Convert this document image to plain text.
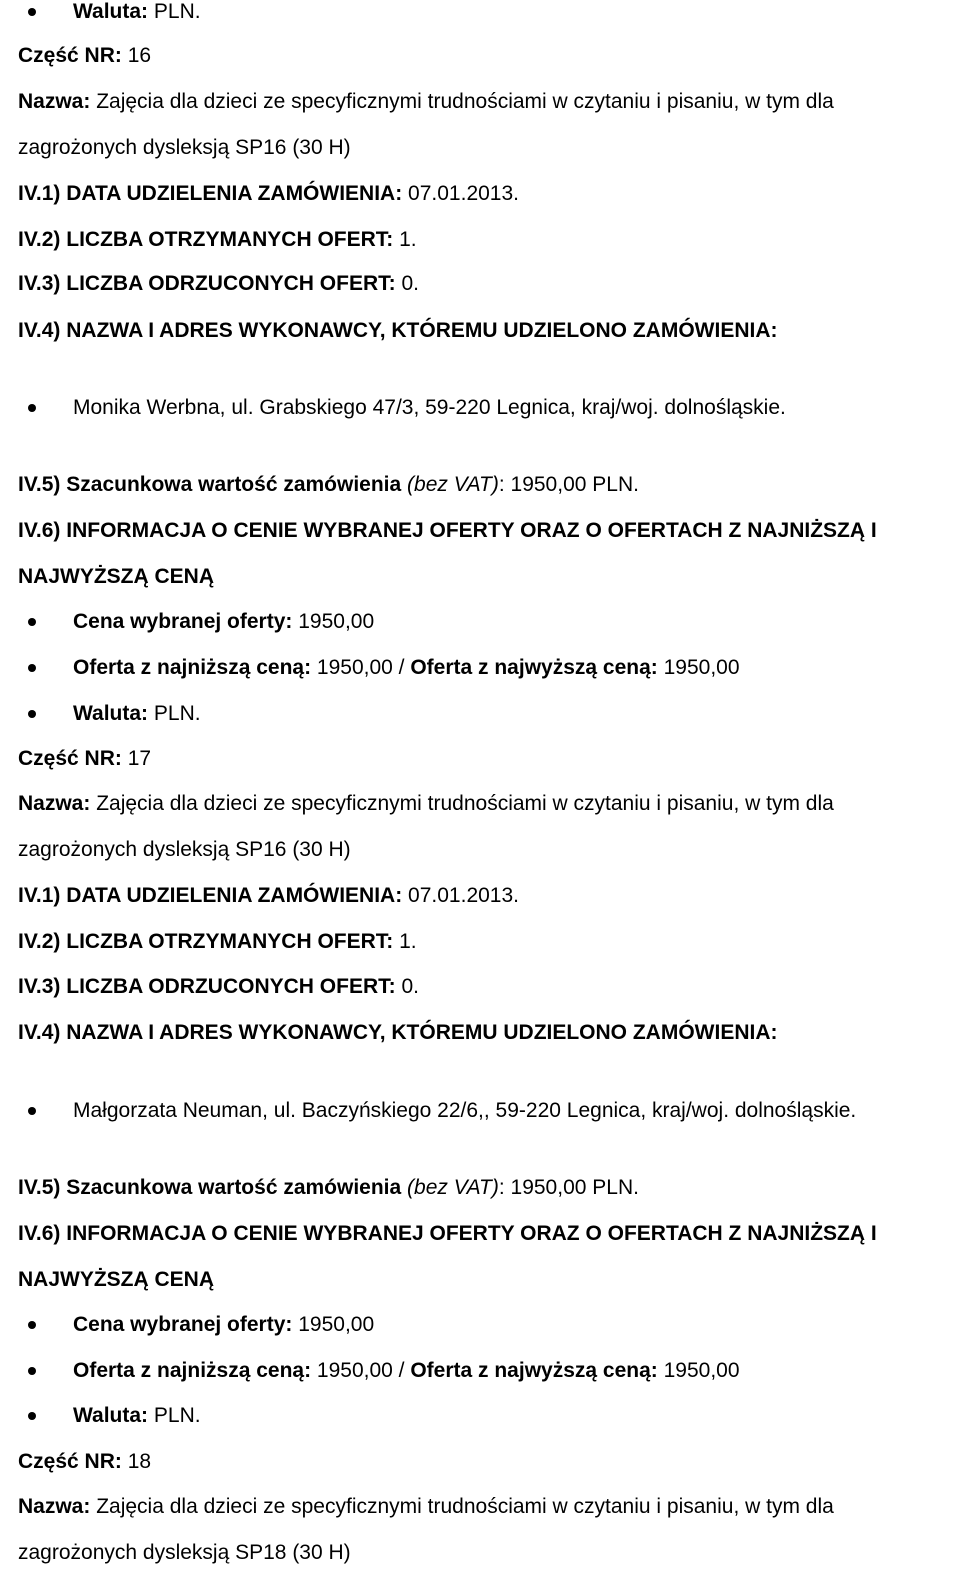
Waluta: PLN.
Część NR: 16
Nazwa: Zajęcia dla dzieci ze specyficznymi trudnościami w czytaniu i pisaniu, w tym dla
zagrożonych dysleksją SP16 (30 H)
IV.1) DATA UDZIELENIA ZAMÓWIENIA: 07.01.2013.
IV.2) LICZBA OTRZYMANYCH OFERT: 1.
IV.3) LICZBA ODRZUCONYCH OFERT: 0.
IV.4) NAZWA I ADRES WYKONAWCY, KTÓREMU UDZIELONO ZAMÓWIENIA:
Monika Werbna, ul. Grabskiego 47/3, 59-220 Legnica, kraj/woj. dolnośląskie.
IV.5) Szacunkowa wartość zamówienia (bez VAT): 1950,00 PLN.
IV.6) INFORMACJA O CENIE WYBRANEJ OFERTY ORAZ O OFERTACH Z NAJNIŻSZĄ I
NAJWYŻSZĄ CENĄ
Cena wybranej oferty: 1950,00
Oferta z najniższą ceną: 1950,00 / Oferta z najwyższą ceną: 1950,00
Waluta: PLN.
Część NR: 17
Nazwa: Zajęcia dla dzieci ze specyficznymi trudnościami w czytaniu i pisaniu, w tym dla
zagrożonych dysleksją SP16 (30 H)
IV.1) DATA UDZIELENIA ZAMÓWIENIA: 07.01.2013.
IV.2) LICZBA OTRZYMANYCH OFERT: 1.
IV.3) LICZBA ODRZUCONYCH OFERT: 0.
IV.4) NAZWA I ADRES WYKONAWCY, KTÓREMU UDZIELONO ZAMÓWIENIA:
Małgorzata Neuman, ul. Baczyńskiego 22/6,, 59-220 Legnica, kraj/woj. dolnośląskie.
IV.5) Szacunkowa wartość zamówienia (bez VAT): 1950,00 PLN.
IV.6) INFORMACJA O CENIE WYBRANEJ OFERTY ORAZ O OFERTACH Z NAJNIŻSZĄ I
NAJWYŻSZĄ CENĄ
Cena wybranej oferty: 1950,00
Oferta z najniższą ceną: 1950,00 / Oferta z najwyższą ceną: 1950,00
Waluta: PLN.
Część NR: 18
Nazwa: Zajęcia dla dzieci ze specyficznymi trudnościami w czytaniu i pisaniu, w tym dla
zagrożonych dysleksją SP18 (30 H)
